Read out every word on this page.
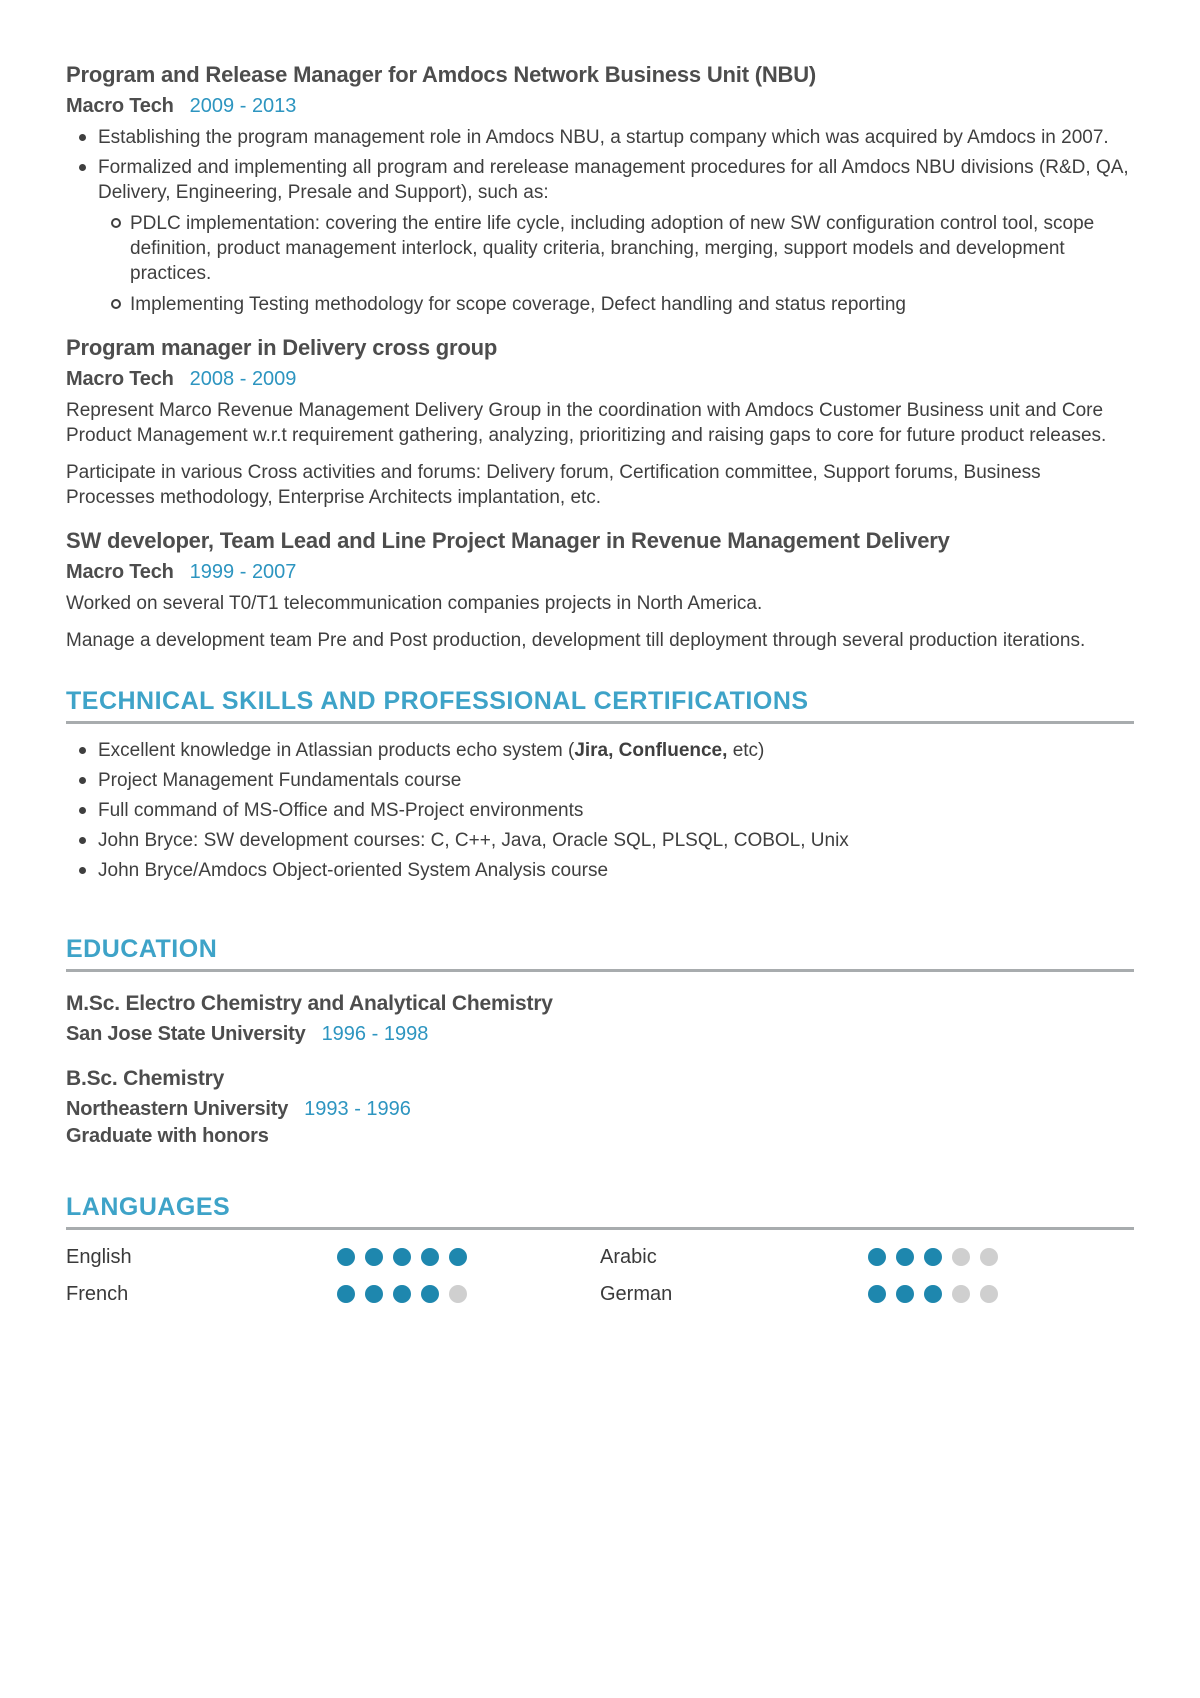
Program and Release Manager for Amdocs Network Business Unit (NBU)
Macro Tech 2009 - 2013
Establishing the program management role in Amdocs NBU, a startup company which was acquired by Amdocs in 2007.
Formalized and implementing all program and rerelease management procedures for all Amdocs NBU divisions (R&D, QA, Delivery, Engineering, Presale and Support), such as:
PDLC implementation: covering the entire life cycle, including adoption of new SW configuration control tool, scope definition, product management interlock, quality criteria, branching, merging, support models and development practices.
Implementing Testing methodology for scope coverage, Defect handling and status reporting
Program manager in Delivery cross group
Macro Tech 2008 - 2009

Represent Marco Revenue Management Delivery Group in the coordination with Amdocs Customer Business unit and Core Product Management w.r.t requirement gathering, analyzing, prioritizing and raising gaps to core for future product releases.

Participate in various Cross activities and forums: Delivery forum, Certification committee, Support forums, Business Processes methodology, Enterprise Architects implantation, etc.

SW developer, Team Lead and Line Project Manager in Revenue Management Delivery
Macro Tech 1999 - 2007

Worked on several T0/T1 telecommunication companies projects in North America.

Manage a development team Pre and Post production, development till deployment through several production iterations.

TECHNICAL SKILLS AND PROFESSIONAL CERTIFICATIONS
Excellent knowledge in Atlassian products echo system (Jira, Confluence, etc)
Project Management Fundamentals course
Full command of MS-Office and MS-Project environments
John Bryce: SW development courses: C, C++, Java, Oracle SQL, PLSQL, COBOL, Unix
John Bryce/Amdocs Object-oriented System Analysis course
EDUCATION
M.Sc. Electro Chemistry and Analytical Chemistry

San Jose State University 1996 - 1998

B.Sc. Chemistry

Northeastern University 1993 - 1996

Graduate with honors

LANGUAGES
English	Arabic
French	German
